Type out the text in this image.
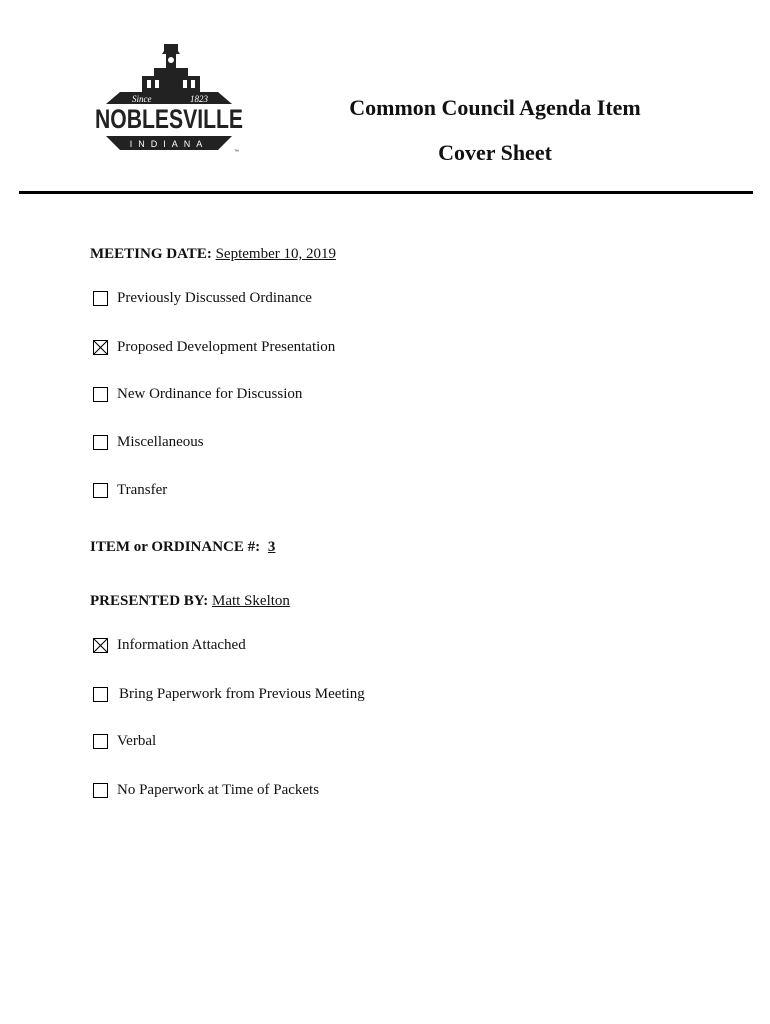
Since	1823
NOBLESVILLE
INDIANA
™
Common Council Agenda Item
Cover Sheet
MEETING DATE: September 10, 2019
Previously Discussed Ordinance
Proposed Development Presentation
New Ordinance for Discussion
Miscellaneous
Transfer
ITEM or ORDINANCE #: 3
PRESENTED BY: Matt Skelton
Information Attached
Bring Paperwork from Previous Meeting
Verbal
No Paperwork at Time of Packets
